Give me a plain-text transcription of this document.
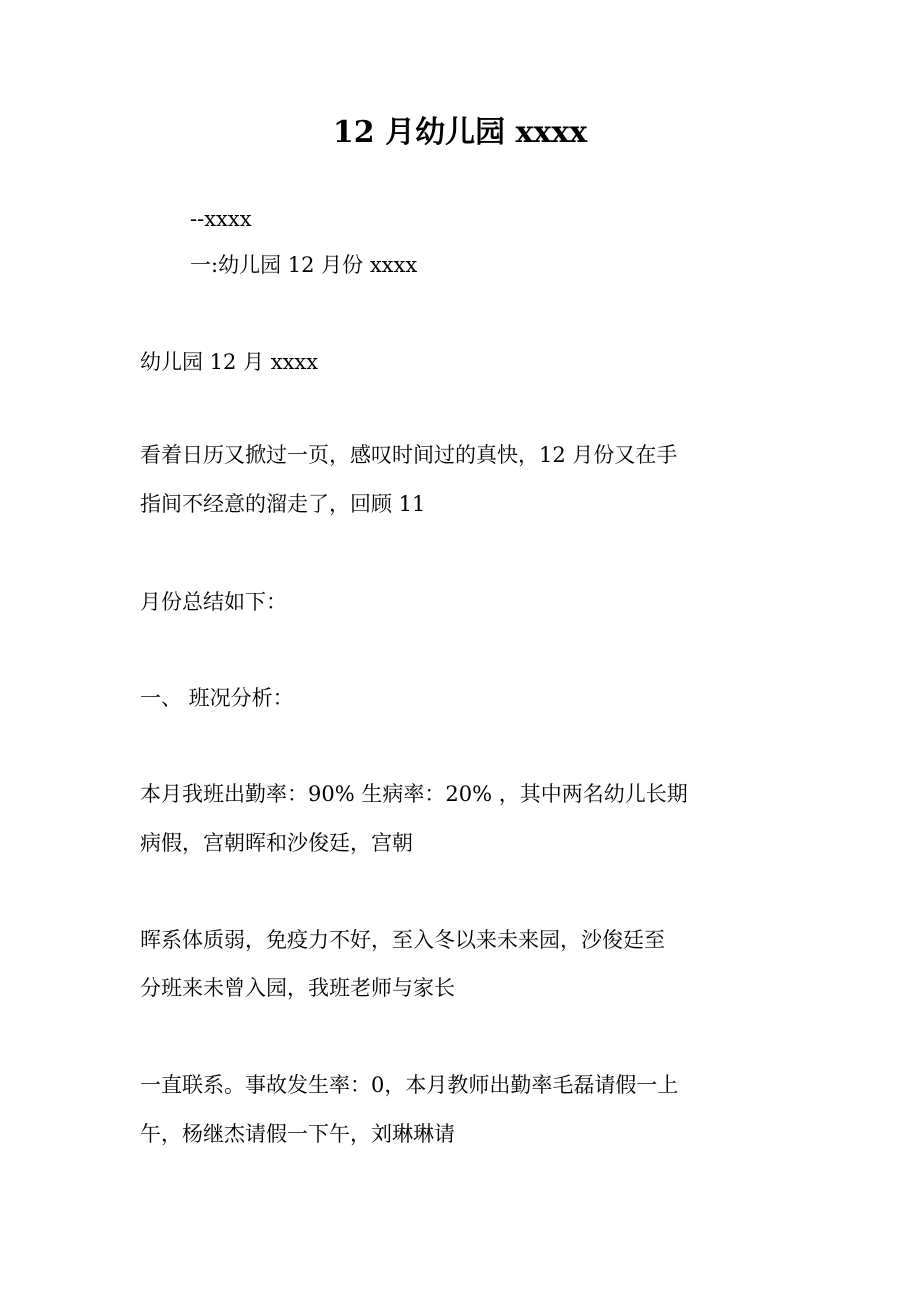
12 月幼儿园 xxxx
--xxxx
一:幼儿园 12 月份 xxxx
幼儿园 12 月 xxxx
看着日历又掀过一页，感叹时间过的真快，12 月份又在手
指间不经意的溜走了，回顾 11
月份总结如下：
一、 班况分析：
本月我班出勤率：90% 生病率：20% ，其中两名幼儿长期
病假，宫朝晖和沙俊廷，宫朝
晖系体质弱，免疫力不好，至入冬以来未来园，沙俊廷至
分班来未曾入园，我班老师与家长
一直联系。事故发生率：0，本月教师出勤率毛磊请假一上
午，杨继杰请假一下午，刘琳琳请
